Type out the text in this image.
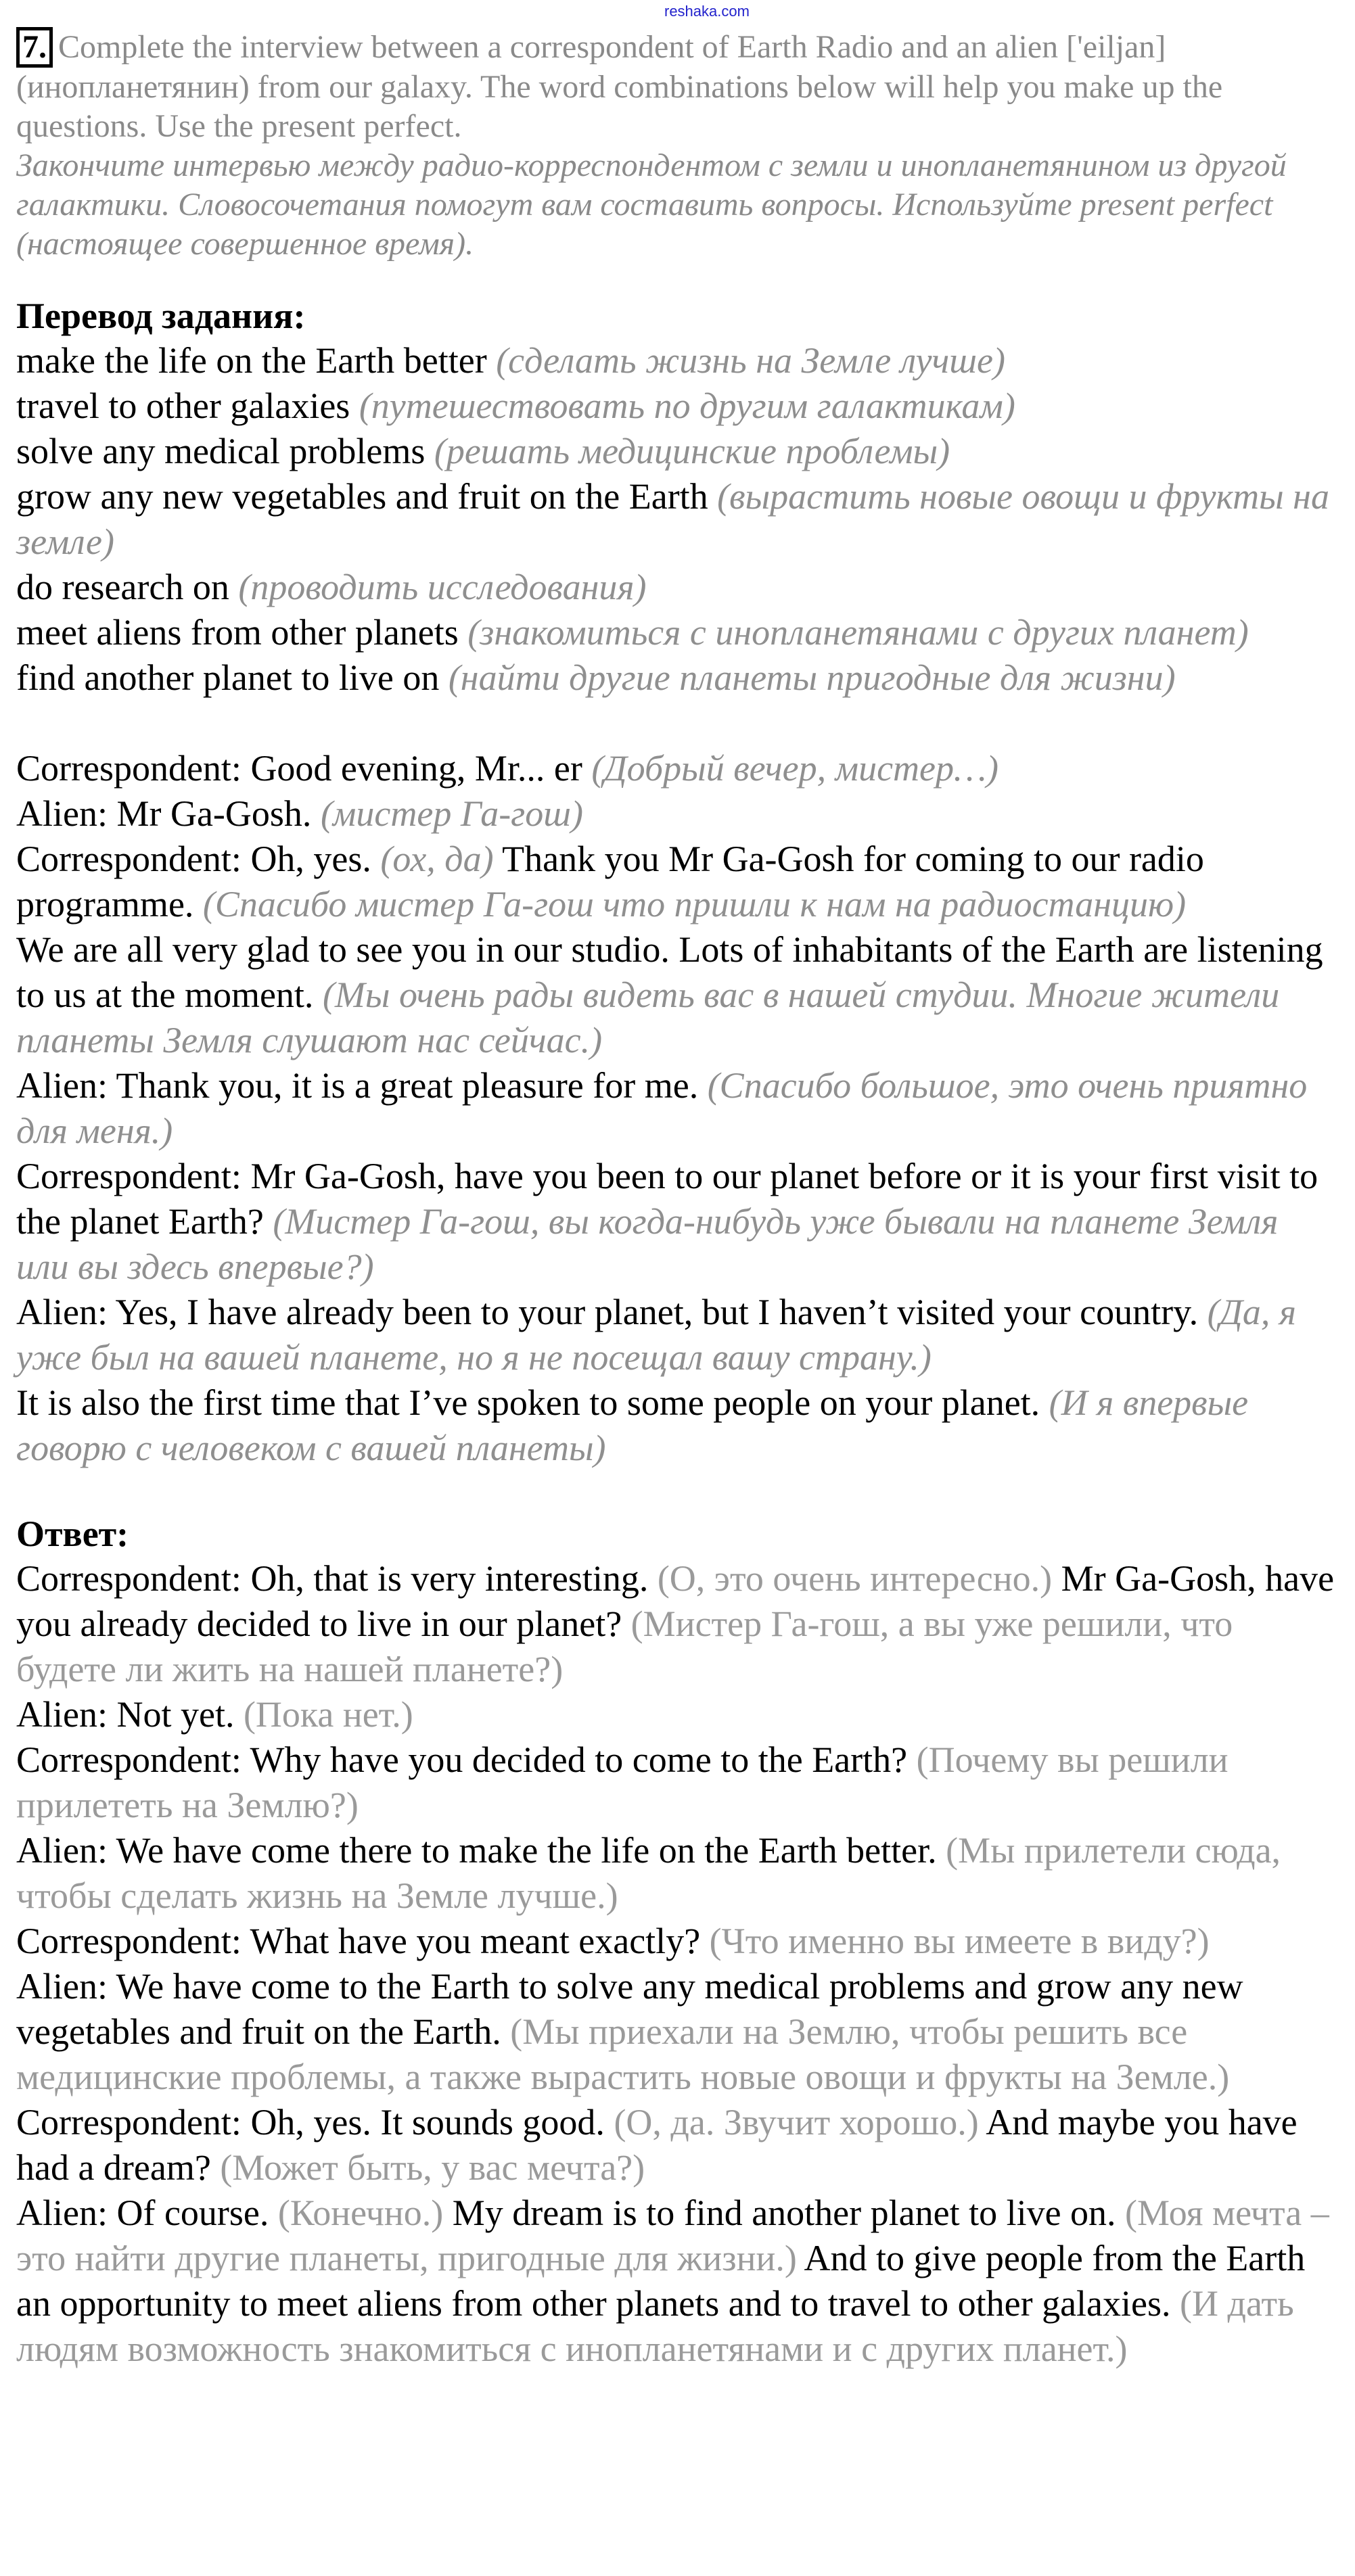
reshaka.com
7. Complete the interview between a correspondent of Earth Radio and an alien ['eiljan] (инопланетянин) from our galaxy. The word combinations below will help you make up the questions. Use the present perfect.
Закончите интервью между радио-корреспондентом с земли и инопланетянином из другой галактики. Словосочетания помогут вам составить вопросы. Используйте present perfect (настоящее совершенное время).
Перевод задания:
make the life on the Earth better (сделать жизнь на Земле лучше)
travel to other galaxies (путешествовать по другим галактикам)
solve any medical problems (решать медицинские проблемы)
grow any new vegetables and fruit on the Earth (вырастить новые овощи и фрукты на земле)
do research on (проводить исследования)
meet aliens from other planets (знакомиться с инопланетянами с других планет)
find another planet to live on (найти другие планеты пригодные для жизни)
Correspondent: Good evening, Mr... er (Добрый вечер, мистер…)
Alien: Mr Ga-Gosh. (мистер Га-гош)
Correspondent: Oh, yes. (ох, да) Thank you Mr Ga-Gosh for coming to our radio programme. (Спасибо мистер Га-гош что пришли к нам на радиостанцию)
We are all very glad to see you in our studio. Lots of inhabitants of the Earth are listening to us at the moment. (Мы очень рады видеть вас в нашей студии. Многие жители планеты Земля слушают нас сейчас.)
Alien: Thank you, it is a great pleasure for me. (Спасибо большое, это очень приятно для меня.)
Correspondent: Mr Ga-Gosh, have you been to our planet before or it is your first visit to the planet Earth? (Мистер Га-гош, вы когда-нибудь уже бывали на планете Земля или вы здесь впервые?)
Alien: Yes, I have already been to your planet, but I haven’t visited your country. (Да, я уже был на вашей планете, но я не посещал вашу страну.)
It is also the first time that I’ve spoken to some people on your planet. (И я впервые говорю с человеком с вашей планеты)
Ответ:
Correspondent: Oh, that is very interesting. (О, это очень интересно.) Mr Ga-Gosh, have you already decided to live in our planet? (Мистер Га-гош, а вы уже решили, что будете ли жить на нашей планете?)
Alien: Not yet. (Пока нет.)
Correspondent: Why have you decided to come to the Earth? (Почему вы решили прилететь на Землю?)
Alien: We have come there to make the life on the Earth better. (Мы прилетели сюда, чтобы сделать жизнь на Земле лучше.)
Correspondent: What have you meant exactly? (Что именно вы имеете в виду?)
Alien: We have come to the Earth to solve any medical problems and grow any new vegetables and fruit on the Earth. (Мы приехали на Землю, чтобы решить все медицинские проблемы, а также вырастить новые овощи и фрукты на Земле.)
Correspondent: Oh, yes. It sounds good. (О, да. Звучит хорошо.) And maybe you have had a dream? (Может быть, у вас мечта?)
Alien: Of course. (Конечно.) My dream is to find another planet to live on. (Моя мечта – это найти другие планеты, пригодные для жизни.) And to give people from the Earth an opportunity to meet aliens from other planets and to travel to other galaxies. (И дать людям возможность знакомиться с инопланетянами и с других планет.)
